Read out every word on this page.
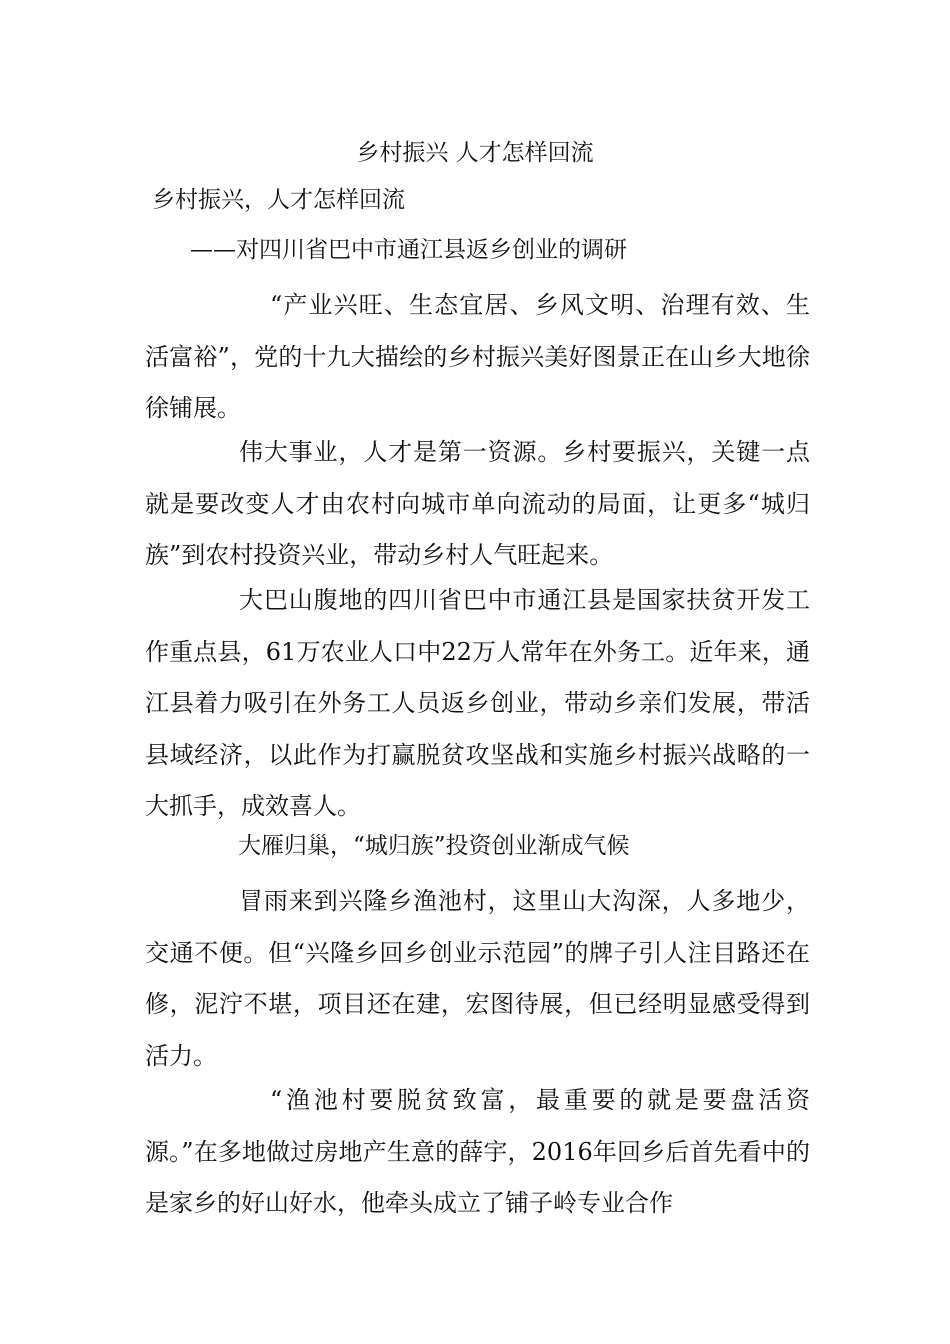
乡村振兴 人才怎样回流
乡村振兴，人才怎样回流
——对四川省巴中市通江县返乡创业的调研

“产业兴旺、生态宜居、乡风文明、治理有效、生活富裕”，党的十九大描绘的乡村振兴美好图景正在山乡大地徐徐铺展。

伟大事业，人才是第一资源。乡村要振兴，关键一点就是要改变人才由农村向城市单向流动的局面，让更多“城归族”到农村投资兴业，带动乡村人气旺起来。

大巴山腹地的四川省巴中市通江县是国家扶贫开发工作重点县，61万农业人口中22万人常年在外务工。近年来，通江县着力吸引在外务工人员返乡创业，带动乡亲们发展，带活县域经济，以此作为打赢脱贫攻坚战和实施乡村振兴战略的一大抓手，成效喜人。

大雁归巢，“城归族”投资创业渐成气候

冒雨来到兴隆乡渔池村，这里山大沟深，人多地少，交通不便。但“兴隆乡回乡创业示范园”的牌子引人注目路还在修，泥泞不堪，项目还在建，宏图待展，但已经明显感受得到活力。

“渔池村要脱贫致富，最重要的就是要盘活资源。”在多地做过房地产生意的薛宇，2016年回乡后首先看中的是家乡的好山好水，他牵头成立了铺子岭专业合作
